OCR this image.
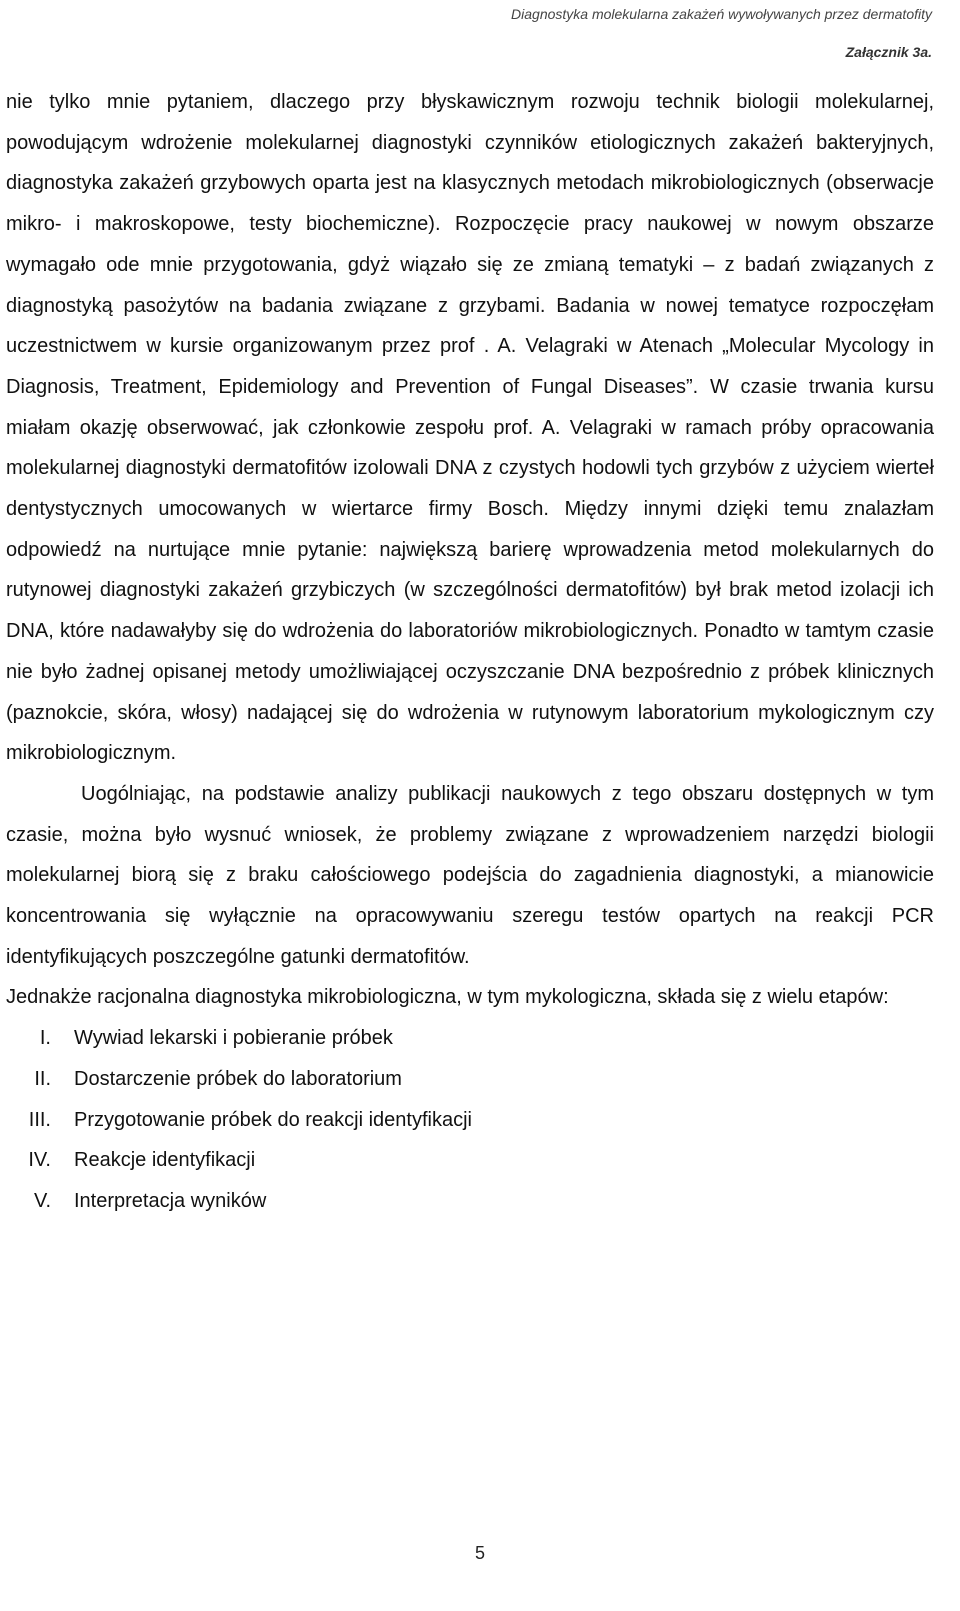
Diagnostyka molekularna zakażeń wywoływanych przez dermatofity
Załącznik 3a.

nie tylko mnie pytaniem, dlaczego przy błyskawicznym rozwoju technik biologii molekularnej, powodującym wdrożenie molekularnej diagnostyki czynników etiologicznych zakażeń bakteryjnych, diagnostyka zakażeń grzybowych oparta jest na klasycznych metodach mikrobiologicznych (obserwacje mikro- i makroskopowe, testy biochemiczne). Rozpoczęcie pracy naukowej w nowym obszarze wymagało ode mnie przygotowania, gdyż wiązało się ze zmianą tematyki – z badań związanych z diagnostyką pasożytów na badania związane z grzybami. Badania w nowej tematyce rozpoczęłam uczestnictwem w kursie organizowanym przez prof . A. Velagraki w Atenach „Molecular Mycology in Diagnosis, Treatment, Epidemiology and Prevention of Fungal Diseases”. W czasie trwania kursu miałam okazję obserwować, jak członkowie zespołu prof. A. Velagraki w ramach próby opracowania molekularnej diagnostyki dermatofitów izolowali DNA z czystych hodowli tych grzybów z użyciem wierteł dentystycznych umocowanych w wiertarce firmy Bosch. Między innymi dzięki temu znalazłam odpowiedź na nurtujące mnie pytanie: największą barierę wprowadzenia metod molekularnych do rutynowej diagnostyki zakażeń grzybiczych (w szczególności dermatofitów) był brak metod izolacji ich DNA, które nadawałyby się do wdrożenia do laboratoriów mikrobiologicznych. Ponadto w tamtym czasie nie było żadnej opisanej metody umożliwiającej oczyszczanie DNA bezpośrednio z próbek klinicznych (paznokcie, skóra, włosy) nadającej się do wdrożenia w rutynowym laboratorium mykologicznym czy mikrobiologicznym.

Uogólniając, na podstawie analizy publikacji naukowych z tego obszaru dostępnych w tym czasie, można było wysnuć wniosek, że problemy związane z wprowadzeniem narzędzi biologii molekularnej biorą się z braku całościowego podejścia do zagadnienia diagnostyki, a mianowicie koncentrowania się wyłącznie na opracowywaniu szeregu testów opartych na reakcji PCR identyfikujących poszczególne gatunki dermatofitów.

Jednakże racjonalna diagnostyka mikrobiologiczna, w tym mykologiczna, składa się z wielu etapów:

I.	Wywiad lekarski i pobieranie próbek
II.	Dostarczenie próbek do laboratorium
III.	Przygotowanie próbek do reakcji identyfikacji
IV.	Reakcje identyfikacji
V.	Interpretacja wyników
5
